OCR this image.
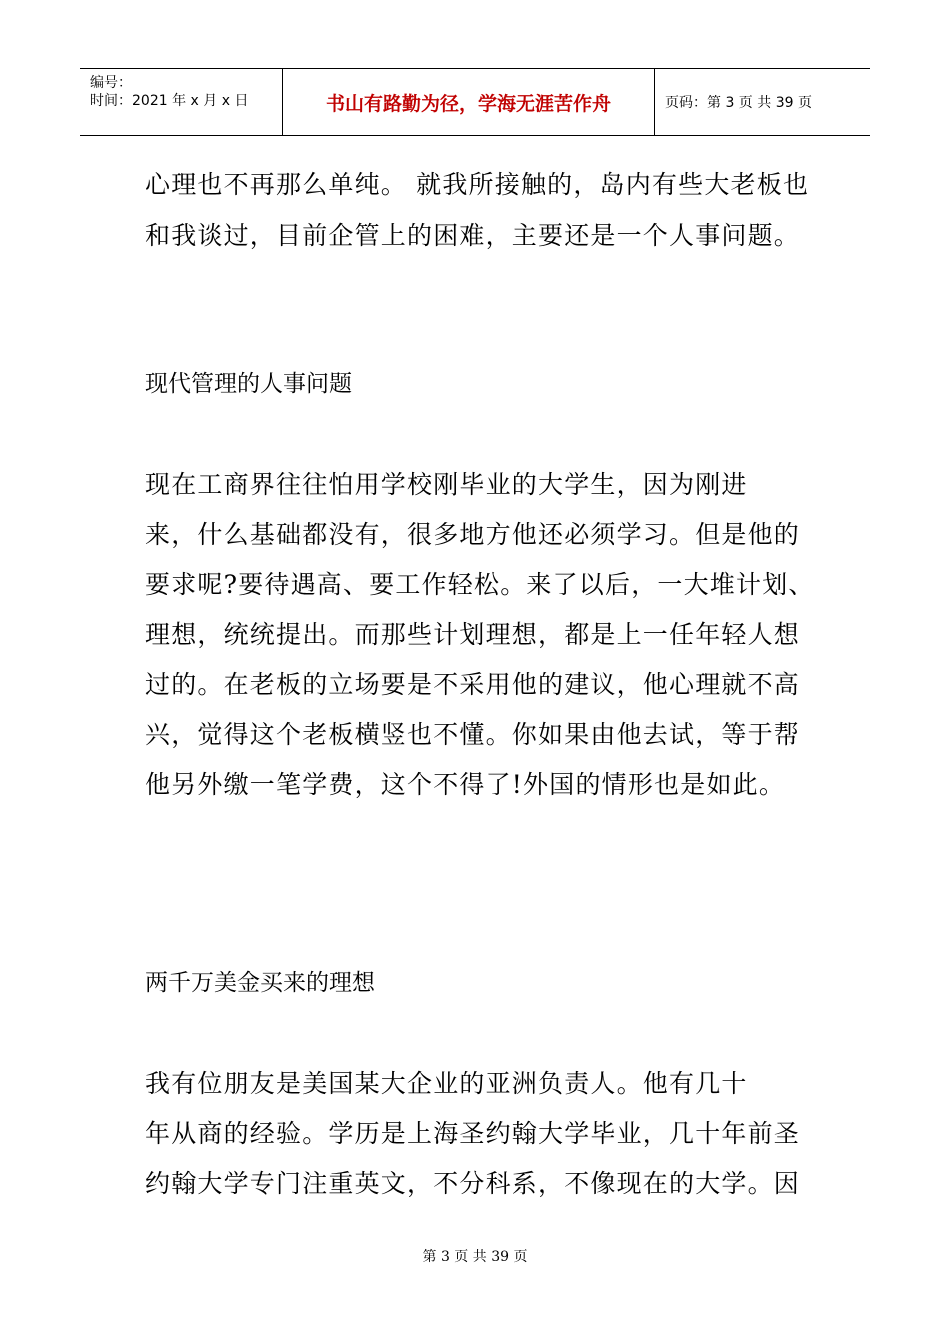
编号：
时间：2021 年 x 月 x 日	书山有路勤为径，学海无涯苦作舟	页码：第 3 页 共 39 页
心理也不再那么单纯。 就我所接触的，岛内有些大老板也
和我谈过，目前企管上的困难，主要还是一个人事问题。
现代管理的人事问题
现在工商界往往怕用学校刚毕业的大学生，因为刚进
来，什么基础都没有，很多地方他还必须学习。但是他的
要求呢?要待遇高、要工作轻松。来了以后，一大堆计划、
理想，统统提出。而那些计划理想，都是上一任年轻人想
过的。在老板的立场要是不采用他的建议，他心理就不高
兴，觉得这个老板横竖也不懂。你如果由他去试，等于帮
他另外缴一笔学费，这个不得了!外国的情形也是如此。
两千万美金买来的理想
我有位朋友是美国某大企业的亚洲负责人。他有几十
年从商的经验。学历是上海圣约翰大学毕业，几十年前圣
约翰大学专门注重英文，不分科系，不像现在的大学。因
第 3 页 共 39 页
